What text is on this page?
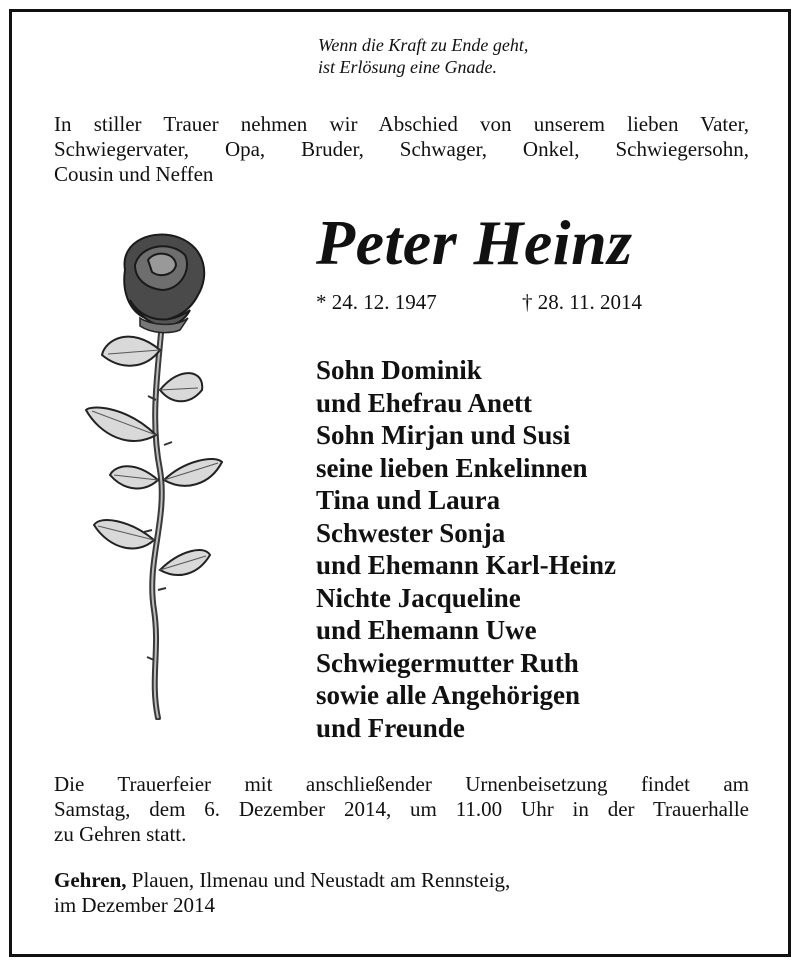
Wenn die Kraft zu Ende geht,
ist Erlösung eine Gnade.
In stiller Trauer nehmen wir Abschied von unserem lieben Vater,
Schwiegervater, Opa, Bruder, Schwager, Onkel, Schwiegersohn,
Cousin und Neffen
Peter Heinz
* 24. 12. 1947	† 28. 11. 2014
Sohn Dominik
und Ehefrau Anett
Sohn Mirjan und Susi
seine lieben Enkelinnen
Tina und Laura
Schwester Sonja
und Ehemann Karl-Heinz
Nichte Jacqueline
und Ehemann Uwe
Schwiegermutter Ruth
sowie alle Angehörigen
und Freunde
Die Trauerfeier mit anschließender Urnenbeisetzung findet am
Samstag, dem 6. Dezember 2014, um 11.00 Uhr in der Trauerhalle
zu Gehren statt.
Gehren, Plauen, Ilmenau und Neustadt am Rennsteig,
im Dezember 2014
